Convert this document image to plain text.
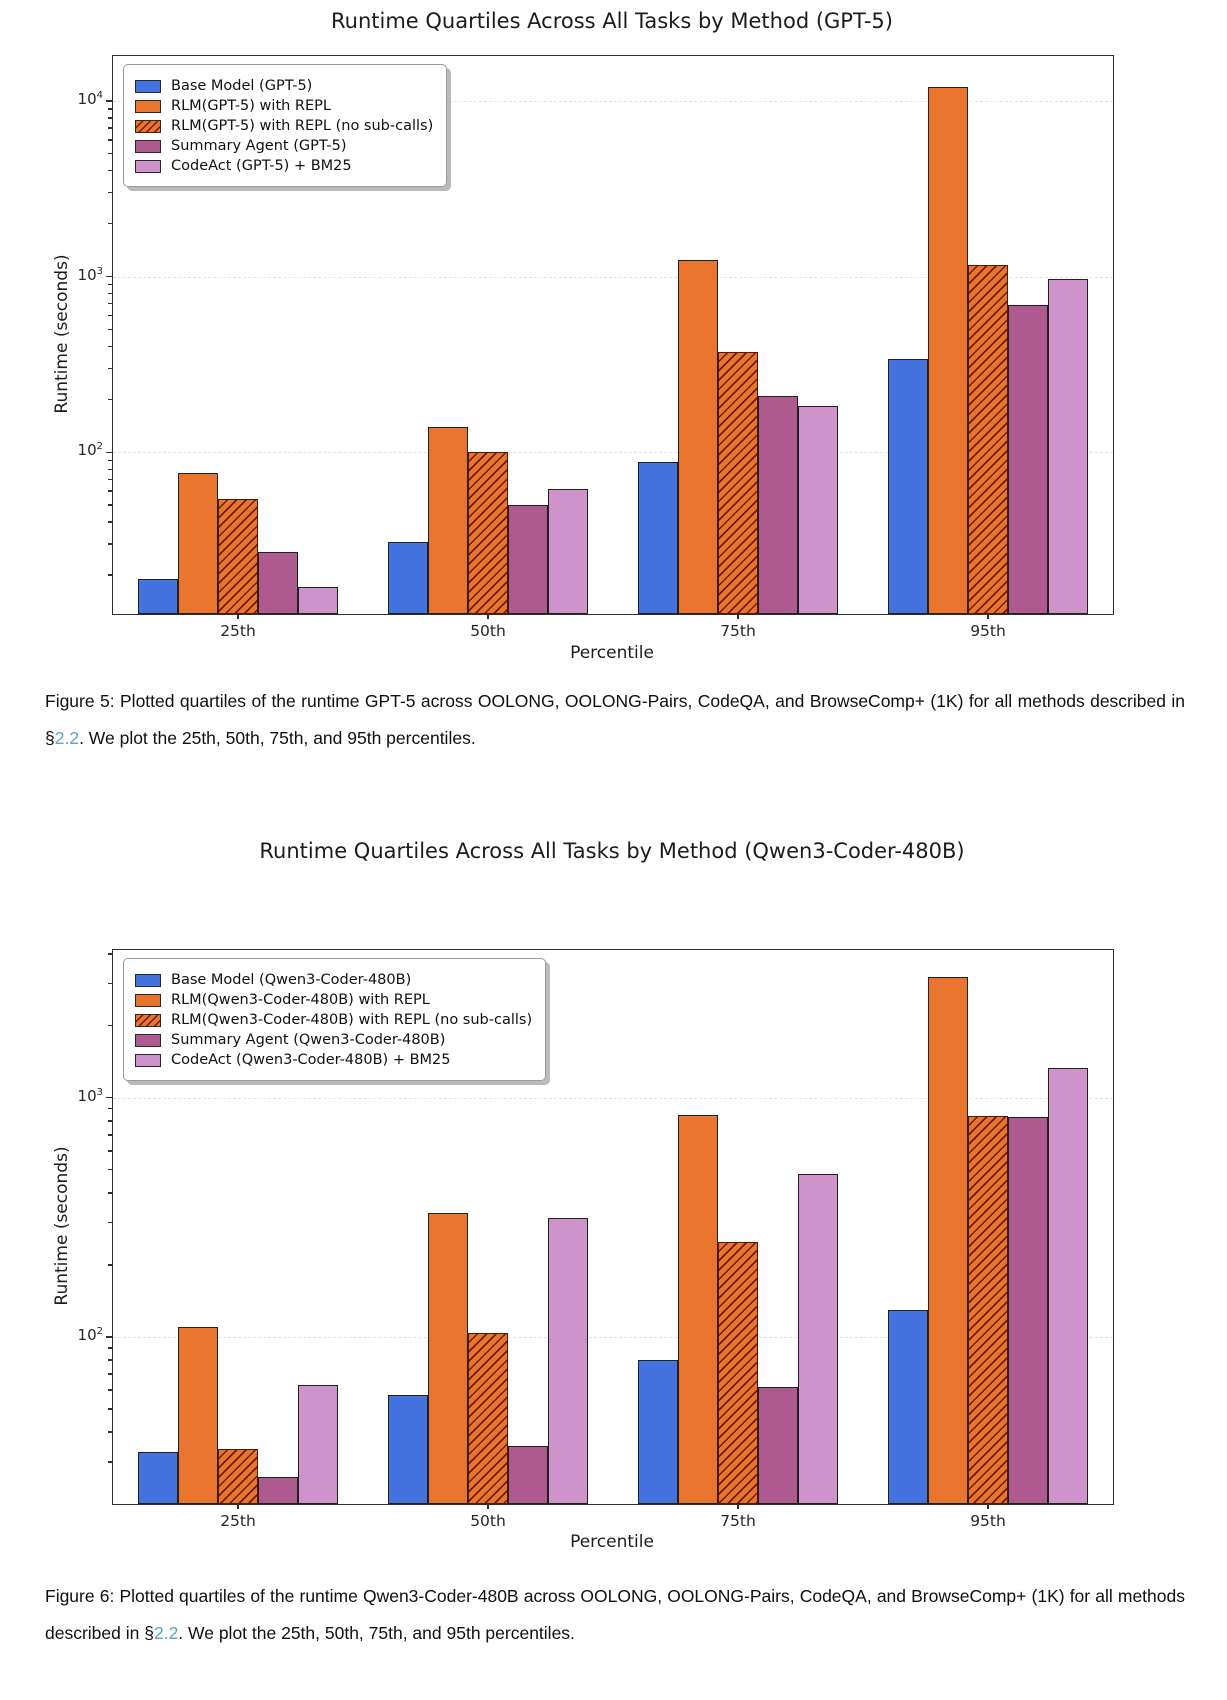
Runtime Quartiles Across All Tasks by Method (GPT-5)
$10^2$
$10^3$
$10^4$
25th	50th	75th	95th
Base Model (GPT-5)
RLM(GPT-5) with REPL
RLM(GPT-5) with REPL (no sub-calls)
Summary Agent (GPT-5)
CodeAct (GPT-5) + BM25
Runtime (seconds)
Percentile

Figure 5: Plotted quartiles of the runtime GPT-5 across OOLONG, OOLONG-Pairs, CodeQA, and BrowseComp+ (1K) for all methods described in §2.2. We plot the 25th, 50th, 75th, and 95th percentiles.

Runtime Quartiles Across All Tasks by Method (Qwen3-Coder-480B)
$10^2$
$10^3$
25th	50th	75th	95th
Base Model (Qwen3-Coder-480B)
RLM(Qwen3-Coder-480B) with REPL
RLM(Qwen3-Coder-480B) with REPL (no sub-calls)
Summary Agent (Qwen3-Coder-480B)
CodeAct (Qwen3-Coder-480B) + BM25
Runtime (seconds)
Percentile

Figure 6: Plotted quartiles of the runtime Qwen3-Coder-480B across OOLONG, OOLONG-Pairs, CodeQA, and BrowseComp+ (1K) for all methods described in §2.2. We plot the 25th, 50th, 75th, and 95th percentiles.
